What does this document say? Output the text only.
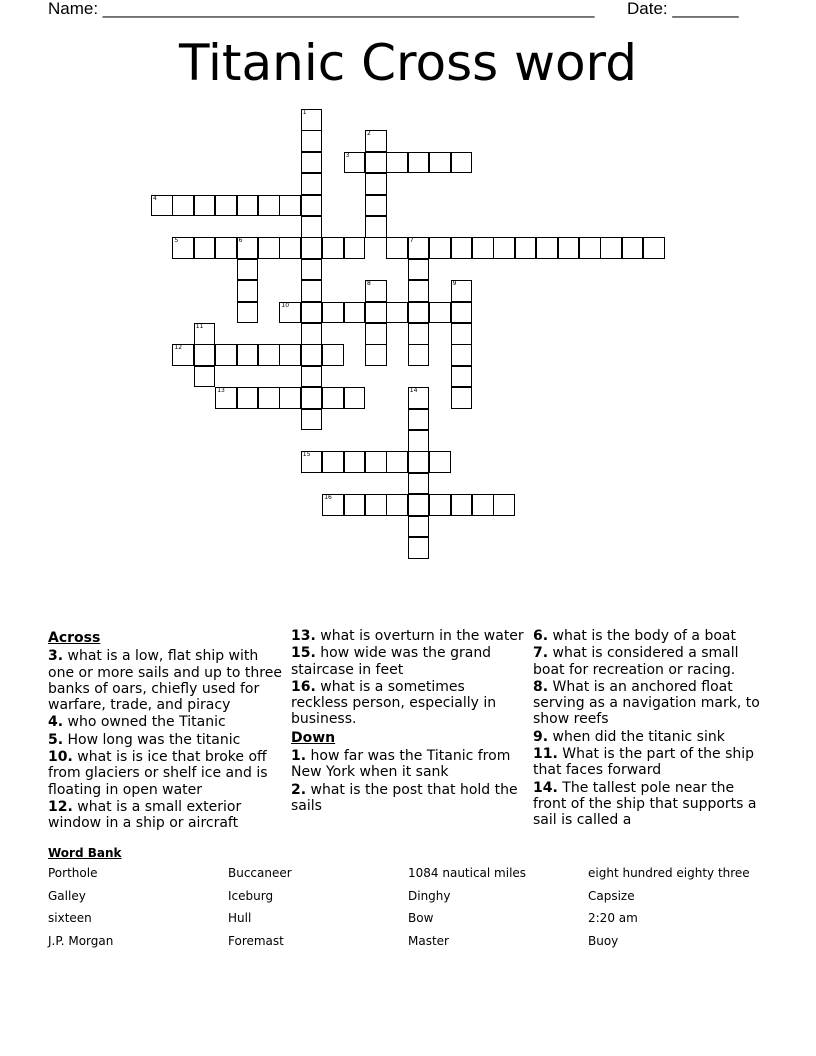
Name: ____________________________________________________ Date: _______
Titanic Cross word
1
2
3
4
5	6	7
8	9
10
11
12
13	14
15
16
Across
3. what is a low, flat ship with one or more sails and up to three banks of oars, chiefly used for warfare, trade, and piracy
4. who owned the Titanic
5. How long was the titanic
10. what is is ice that broke off from glaciers or shelf ice and is floating in open water
12. what is a small exterior window in a ship or aircraft
13. what is overturn in the water
15. how wide was the grand staircase in feet
16. what is a sometimes reckless person, especially in business.
Down
1. how far was the Titanic from New York when it sank
2. what is the post that hold the sails
6. what is the body of a boat
7. what is considered a small boat for recreation or racing.
8. What is an anchored float serving as a navigation mark, to show reefs
9. when did the titanic sink
11. What is the part of the ship that faces forward
14. The tallest pole near the front of the ship that supports a sail is called a
Word Bank
Porthole	Buccaneer	1084 nautical miles	eight hundred eighty three
Galley	Iceburg	Dinghy	Capsize
sixteen	Hull	Bow	2:20 am
J.P. Morgan	Foremast	Master	Buoy
